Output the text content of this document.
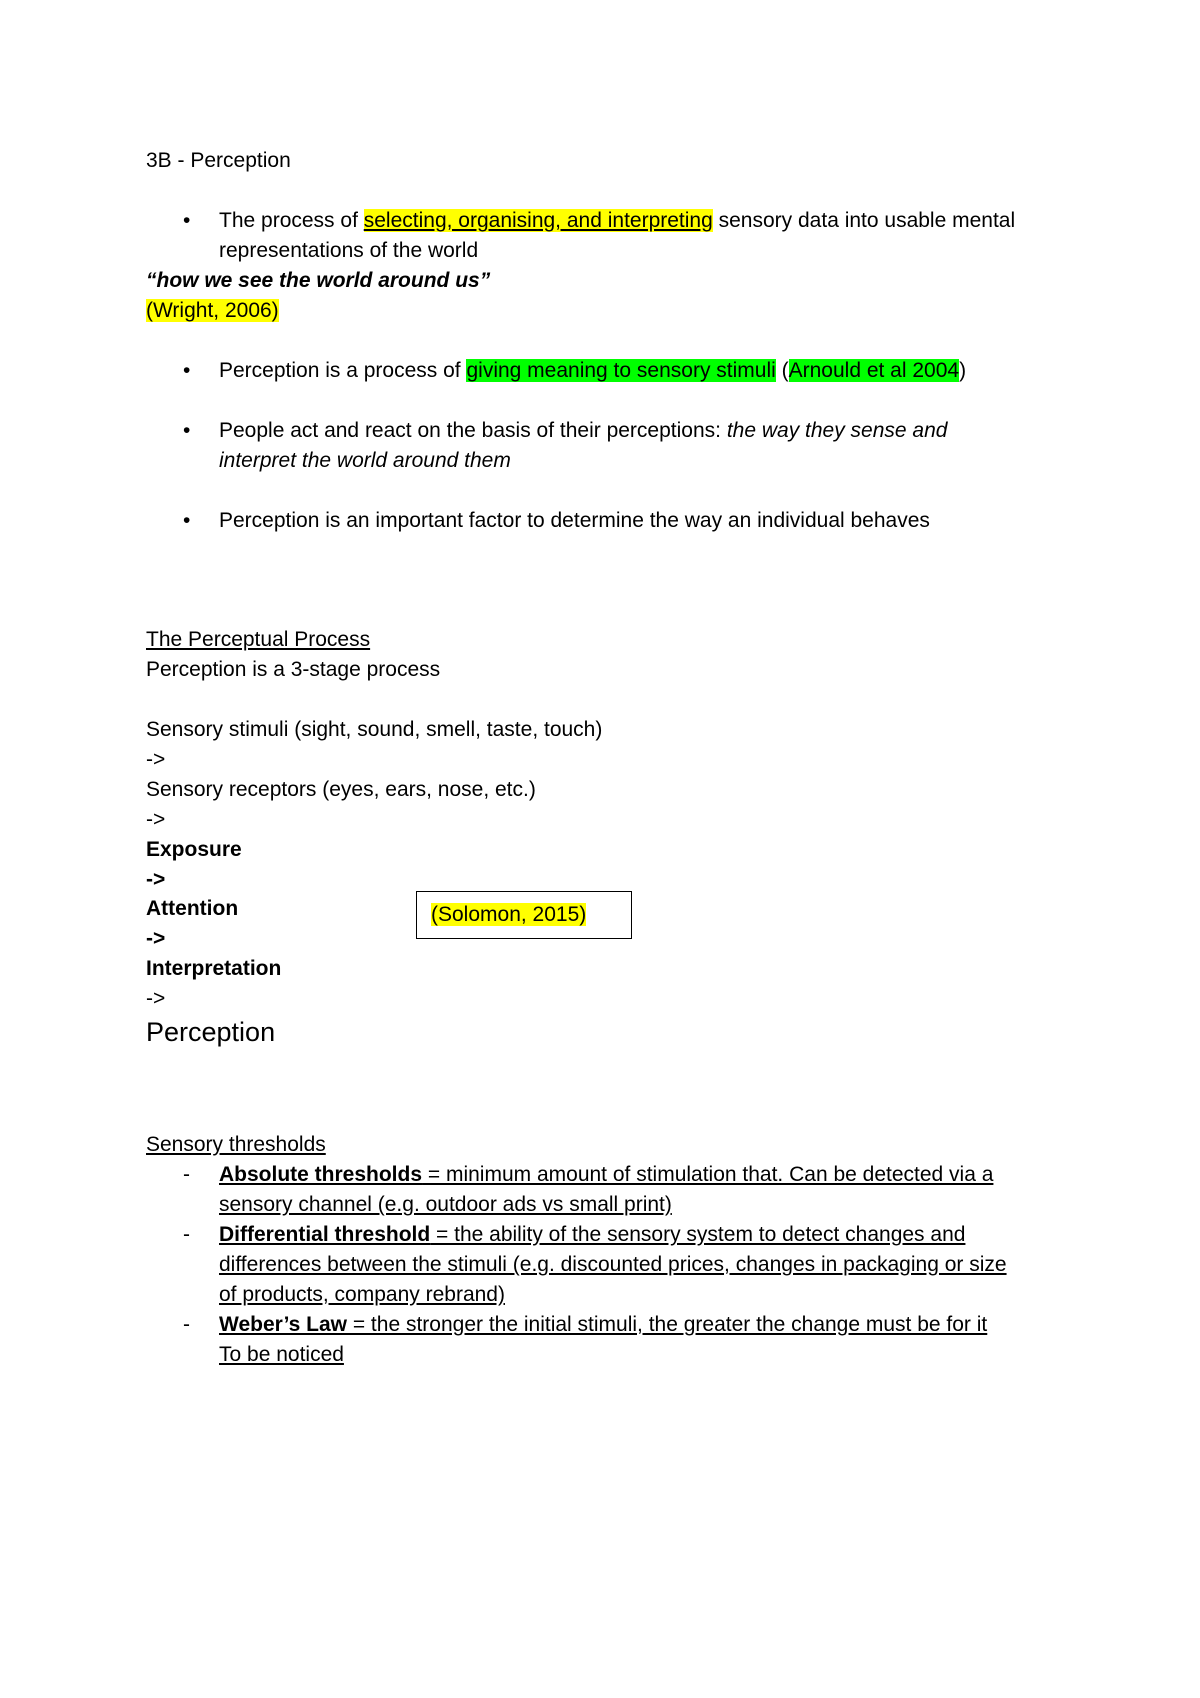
3B - Perception
• The process of selecting, organising, and interpreting sensory data into usable mental
representations of the world
“how we see the world around us”
(Wright, 2006)
• Perception is a process of giving meaning to sensory stimuli (Arnould et al 2004)
• People act and react on the basis of their perceptions: the way they sense and
interpret the world around them
• Perception is an important factor to determine the way an individual behaves
The Perceptual Process
Perception is a 3-stage process
Sensory stimuli (sight, sound, smell, taste, touch)
->
Sensory receptors (eyes, ears, nose, etc.)
->
Exposure
->
Attention
->
Interpretation
->
Perception
(Solomon, 2015)
Sensory thresholds
- Absolute thresholds = minimum amount of stimulation that. Can be detected via a
sensory channel (e.g. outdoor ads vs small print)
- Differential threshold = the ability of the sensory system to detect changes and
differences between the stimuli (e.g. discounted prices, changes in packaging or size
of products, company rebrand)
- Weber’s Law = the stronger the initial stimuli, the greater the change must be for it
To be noticed
